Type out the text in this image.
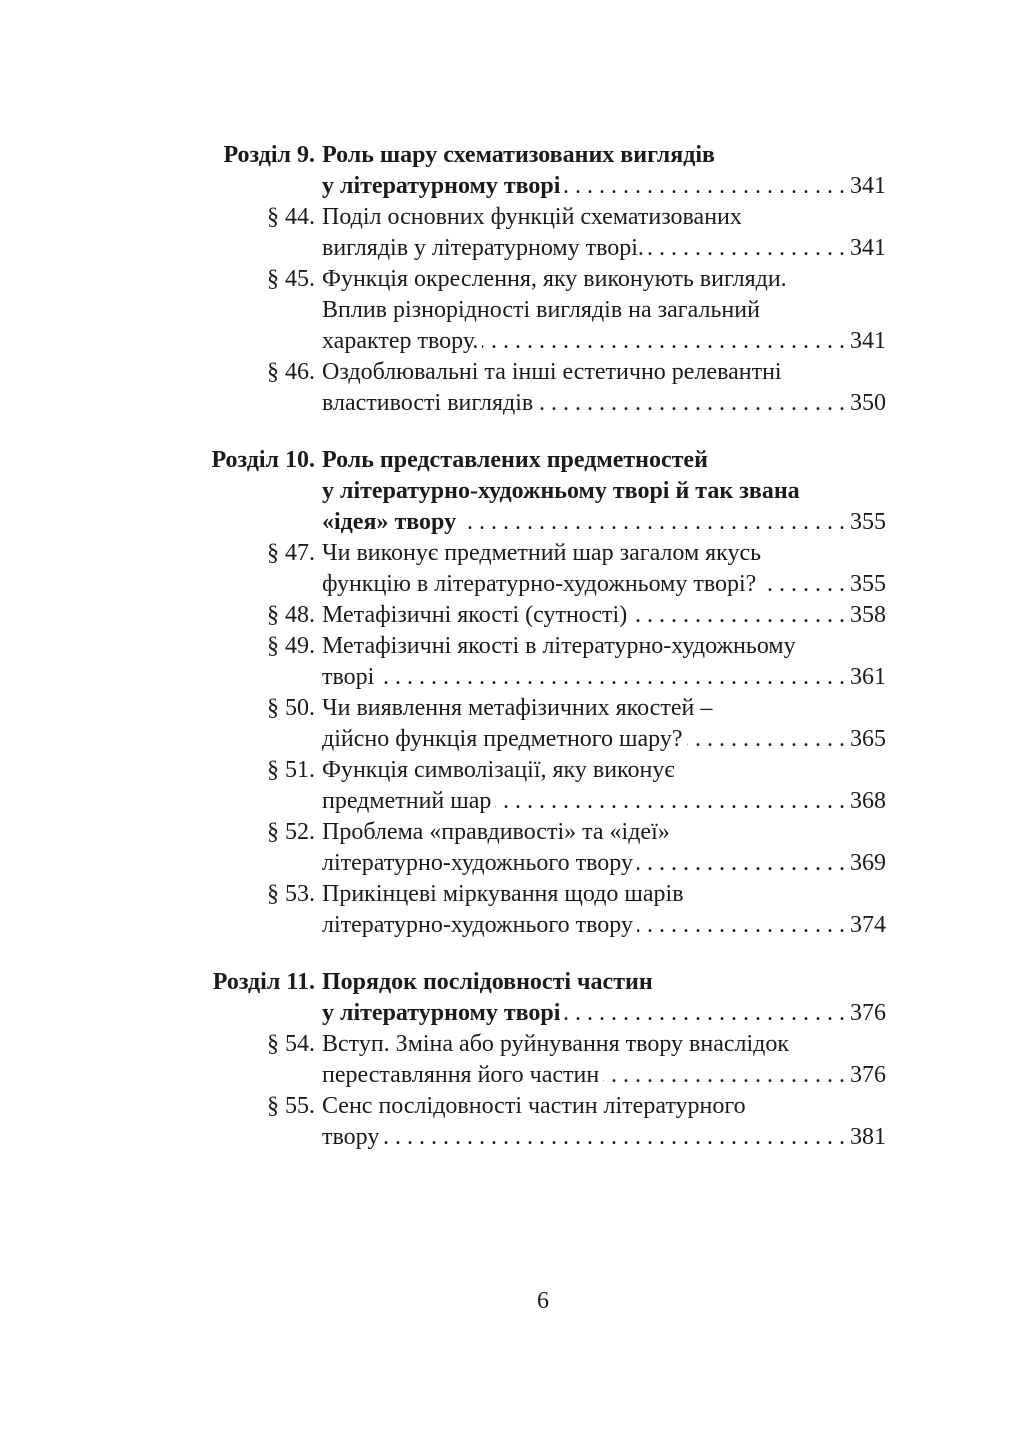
Розділ 9. Роль шару схематизованих виглядів
у літературному творі . . .	341
§ 44. Поділ основних функцій схематизованих
виглядів у літературному творі. . . .	341
§ 45. Функція окреслення, яку виконують вигляди.
Вплив різнорідності виглядів на загальний
характер твору. . . .	341
§ 46. Оздоблювальні та інші естетично релевантні
властивості виглядів . . .	350
Розділ 10. Роль представлених предметностей
у літературно-художньому творі й так звана
«ідея» твору . . .	355
§ 47. Чи виконує предметний шар загалом якусь
функцію в літературно-художньому творі? . . .	355
§ 48. Метафізичні якості (сутності) . . .	358
§ 49. Метафізичні якості в літературно-художньому
творі . . .	361
§ 50. Чи виявлення метафізичних якостей –
дійсно функція предметного шару? . . .	365
§ 51. Функція символізації, яку виконує
предметний шар . . .	368
§ 52. Проблема «правдивості» та «ідеї»
літературно-художнього твору . . .	369
§ 53. Прикінцеві міркування щодо шарів
літературно-художнього твору . . .	374
Розділ 11. Порядок послідовності частин
у літературному творі . . .	376
§ 54. Вступ. Зміна або руйнування твору внаслідок
переставляння його частин . . .	376
§ 55. Сенс послідовності частин літературного
твору . . .	381
6
